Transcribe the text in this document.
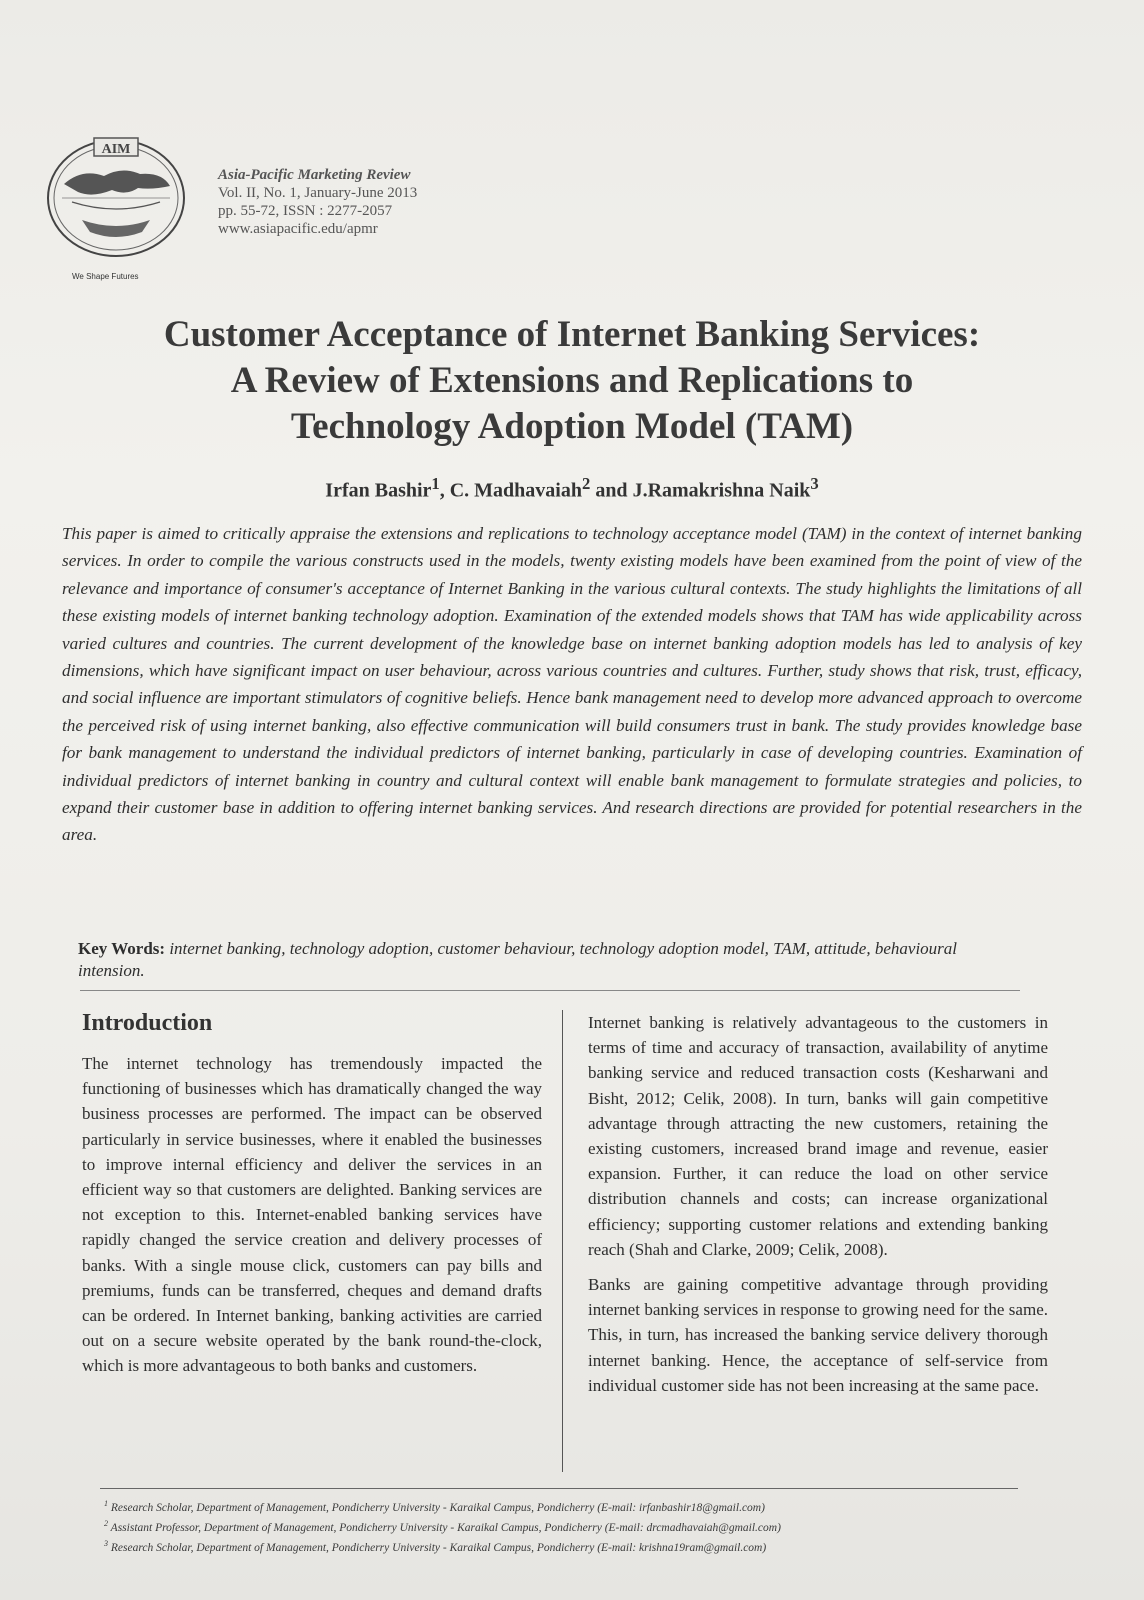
AIM
We Shape Futures
Asia-Pacific Marketing Review
Vol. II, No. 1, January-June 2013
pp. 55-72, ISSN : 2277-2057
www.asiapacific.edu/apmr
Customer Acceptance of Internet Banking Services:
A Review of Extensions and Replications to
Technology Adoption Model (TAM)
Irfan Bashir$^1$, C. Madhavaiah$^2$ and J.Ramakrishna Naik$^3$
This paper is aimed to critically appraise the extensions and replications to technology acceptance model (TAM) in the context of internet banking services. In order to compile the various constructs used in the models, twenty existing models have been examined from the point of view of the relevance and importance of consumer's acceptance of Internet Banking in the various cultural contexts. The study highlights the limitations of all these existing models of internet banking technology adoption. Examination of the extended models shows that TAM has wide applicability across varied cultures and countries. The current development of the knowledge base on internet banking adoption models has led to analysis of key dimensions, which have significant impact on user behaviour, across various countries and cultures. Further, study shows that risk, trust, efficacy, and social influence are important stimulators of cognitive beliefs. Hence bank management need to develop more advanced approach to overcome the perceived risk of using internet banking, also effective communication will build consumers trust in bank. The study provides knowledge base for bank management to understand the individual predictors of internet banking, particularly in case of developing countries. Examination of individual predictors of internet banking in country and cultural context will enable bank management to formulate strategies and policies, to expand their customer base in addition to offering internet banking services. And research directions are provided for potential researchers in the area.
Key Words: internet banking, technology adoption, customer behaviour, technology adoption model, TAM, attitude, behavioural intension.
Introduction

The internet technology has tremendously impacted the functioning of businesses which has dramatically changed the way business processes are performed. The impact can be observed particularly in service businesses, where it enabled the businesses to improve internal efficiency and deliver the services in an efficient way so that customers are delighted. Banking services are not exception to this. Internet-enabled banking services have rapidly changed the service creation and delivery processes of banks. With a single mouse click, customers can pay bills and premiums, funds can be transferred, cheques and demand drafts can be ordered. In Internet banking, banking activities are carried out on a secure website operated by the bank round-the-clock, which is more advantageous to both banks and customers.

Internet banking is relatively advantageous to the customers in terms of time and accuracy of transaction, availability of anytime banking service and reduced transaction costs (Kesharwani and Bisht, 2012; Celik, 2008). In turn, banks will gain competitive advantage through attracting the new customers, retaining the existing customers, increased brand image and revenue, easier expansion. Further, it can reduce the load on other service distribution channels and costs; can increase organizational efficiency; supporting customer relations and extending banking reach (Shah and Clarke, 2009; Celik, 2008).

Banks are gaining competitive advantage through providing internet banking services in response to growing need for the same. This, in turn, has increased the banking service delivery thorough internet banking. Hence, the acceptance of self-service from individual customer side has not been increasing at the same pace.

$^1$ Research Scholar, Department of Management, Pondicherry University - Karaikal Campus, Pondicherry (E-mail: irfanbashir18@gmail.com)
$^2$ Assistant Professor, Department of Management, Pondicherry University - Karaikal Campus, Pondicherry (E-mail: drcmadhavaiah@gmail.com)
$^3$ Research Scholar, Department of Management, Pondicherry University - Karaikal Campus, Pondicherry (E-mail: krishna19ram@gmail.com)
